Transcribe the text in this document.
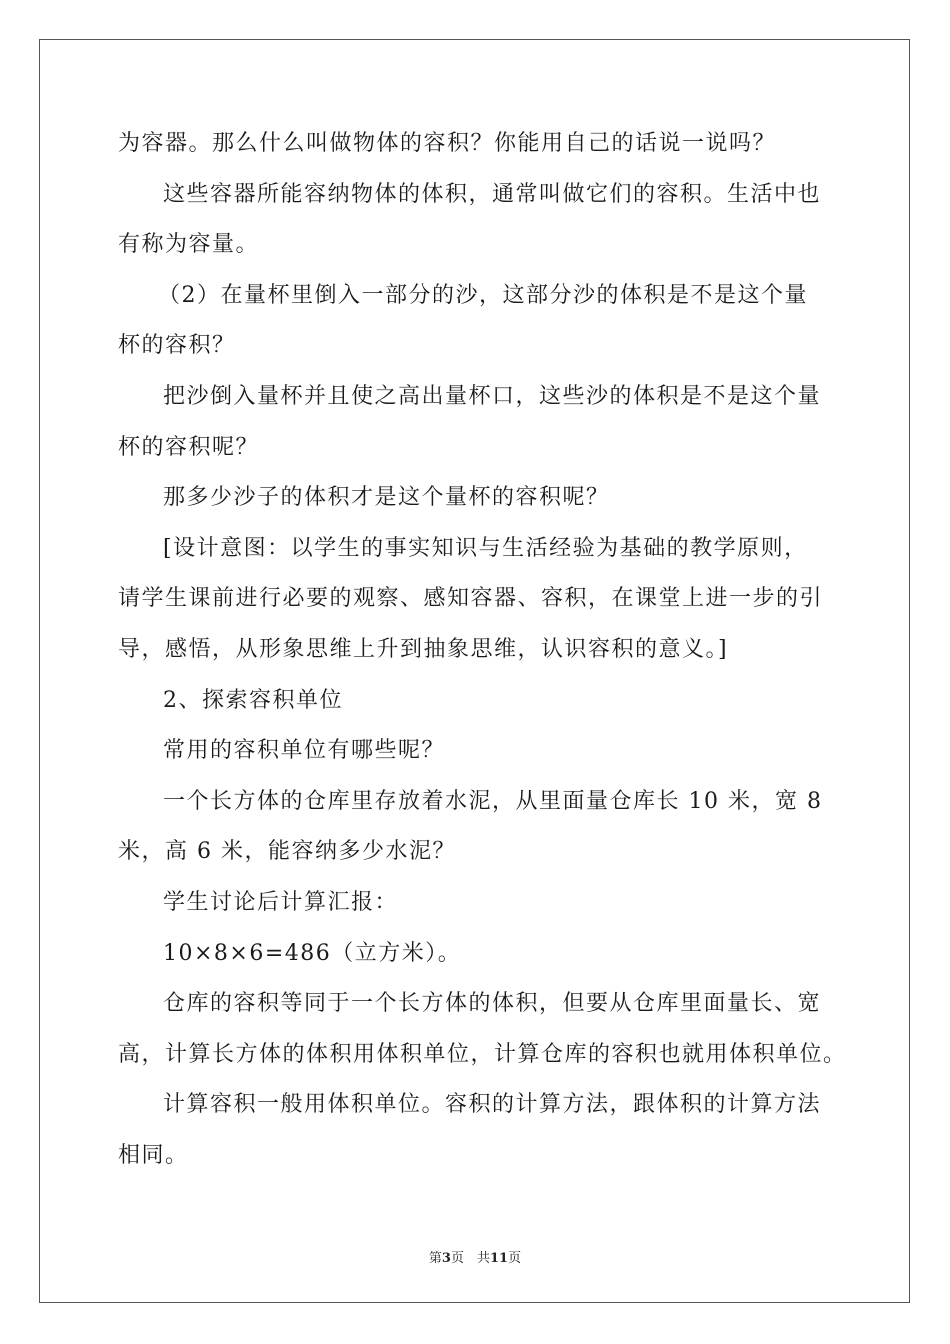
为容器。那么什么叫做物体的容积？你能用自己的话说一说吗？
这些容器所能容纳物体的体积，通常叫做它们的容积。生活中也
有称为容量。
（2）在量杯里倒入一部分的沙，这部分沙的体积是不是这个量
杯的容积？
把沙倒入量杯并且使之高出量杯口，这些沙的体积是不是这个量
杯的容积呢？
那多少沙子的体积才是这个量杯的容积呢？
[设计意图：以学生的事实知识与生活经验为基础的教学原则，
请学生课前进行必要的观察、感知容器、容积，在课堂上进一步的引
导，感悟，从形象思维上升到抽象思维，认识容积的意义。]
2、探索容积单位
常用的容积单位有哪些呢？
一个长方体的仓库里存放着水泥，从里面量仓库长 10 米，宽 8
米，高 6 米，能容纳多少水泥？
学生讨论后计算汇报：
10×8×6=486（立方米）。
仓库的容积等同于一个长方体的体积，但要从仓库里面量长、宽
高，计算长方体的体积用体积单位，计算仓库的容积也就用体积单位。
计算容积一般用体积单位。容积的计算方法，跟体积的计算方法
相同。
第3页　共11页
